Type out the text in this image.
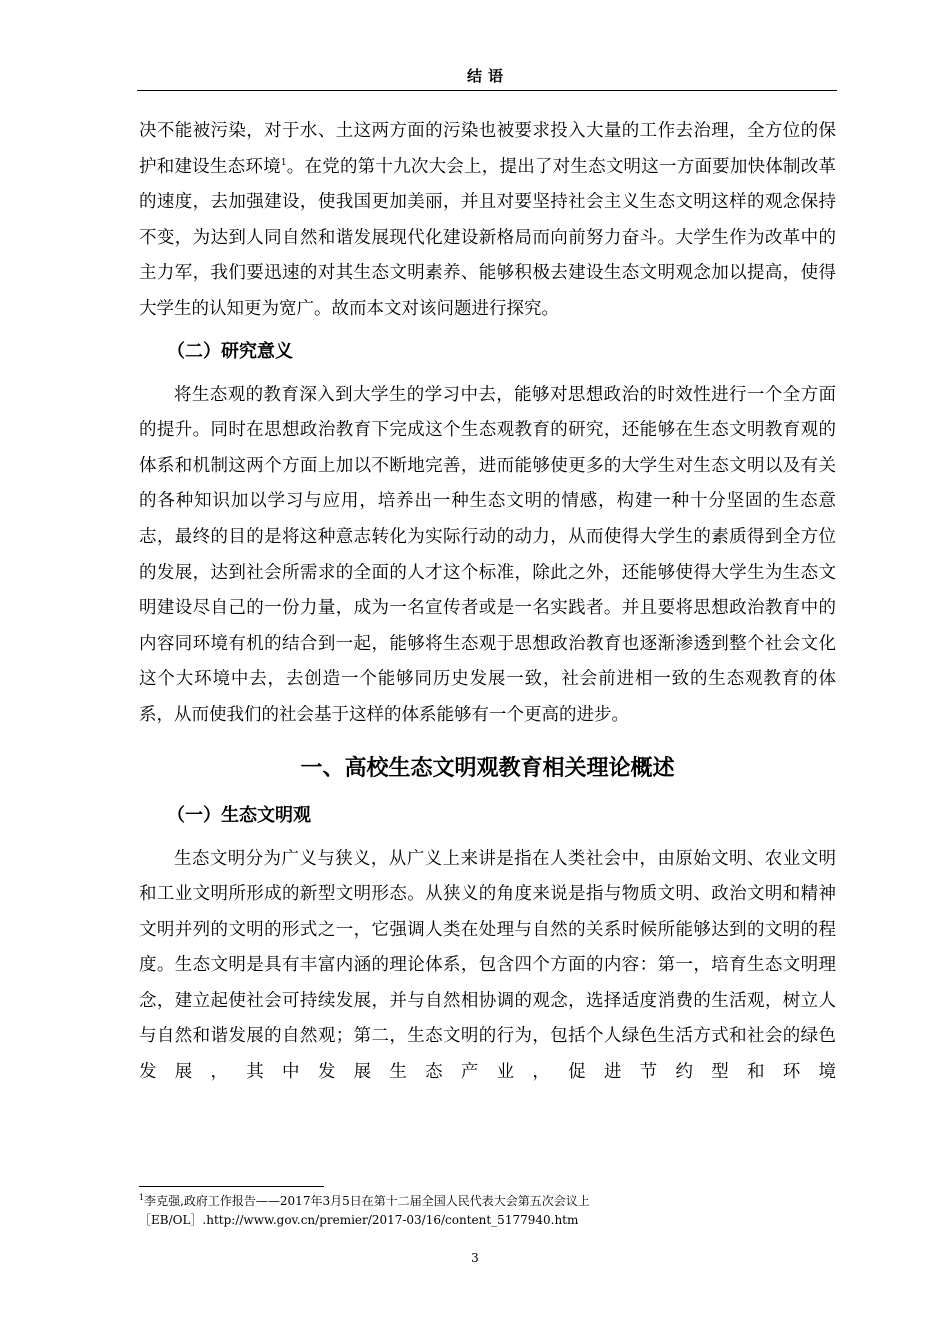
结语

决不能被污染，对于水、土这两方面的污染也被要求投入大量的工作去治理，全方位的保护和建设生态环境$^1$。在党的第十九次大会上，提出了对生态文明这一方面要加快体制改革的速度，去加强建设，使我国更加美丽，并且对要坚持社会主义生态文明这样的观念保持不变，为达到人同自然和谐发展现代化建设新格局而向前努力奋斗。大学生作为改革中的主力军，我们要迅速的对其生态文明素养、能够积极去建设生态文明观念加以提高，使得大学生的认知更为宽广。故而本文对该问题进行探究。

（二）研究意义

将生态观的教育深入到大学生的学习中去，能够对思想政治的时效性进行一个全方面的提升。同时在思想政治教育下完成这个生态观教育的研究，还能够在生态文明教育观的体系和机制这两个方面上加以不断地完善，进而能够使更多的大学生对生态文明以及有关的各种知识加以学习与应用，培养出一种生态文明的情感，构建一种十分坚固的生态意志，最终的目的是将这种意志转化为实际行动的动力，从而使得大学生的素质得到全方位的发展，达到社会所需求的全面的人才这个标准，除此之外，还能够使得大学生为生态文明建设尽自己的一份力量，成为一名宣传者或是一名实践者。并且要将思想政治教育中的内容同环境有机的结合到一起，能够将生态观于思想政治教育也逐渐渗透到整个社会文化这个大环境中去，去创造一个能够同历史发展一致，社会前进相一致的生态观教育的体系，从而使我们的社会基于这样的体系能够有一个更高的进步。

一、高校生态文明观教育相关理论概述
（一）生态文明观

生态文明分为广义与狭义，从广义上来讲是指在人类社会中，由原始文明、农业文明和工业文明所形成的新型文明形态。从狭义的角度来说是指与物质文明、政治文明和精神文明并列的文明的形式之一，它强调人类在处理与自然的关系时候所能够达到的文明的程度。生态文明是具有丰富内涵的理论体系，包含四个方面的内容：第一，培育生态文明理念，建立起使社会可持续发展，并与自然相协调的观念，选择适度消费的生活观，树立人与自然和谐发展的自然观；第二，生态文明的行为，包括个人绿色生活方式和社会的绿色发展，其中发展生态产业，促进节约型和环境

$^1$李克强,政府工作报告——2017年3月5日在第十二届全国人民代表大会第五次会议上

［EB/OL］.http://www.gov.cn/premier/2017-03/16/content_5177940.htm

3
